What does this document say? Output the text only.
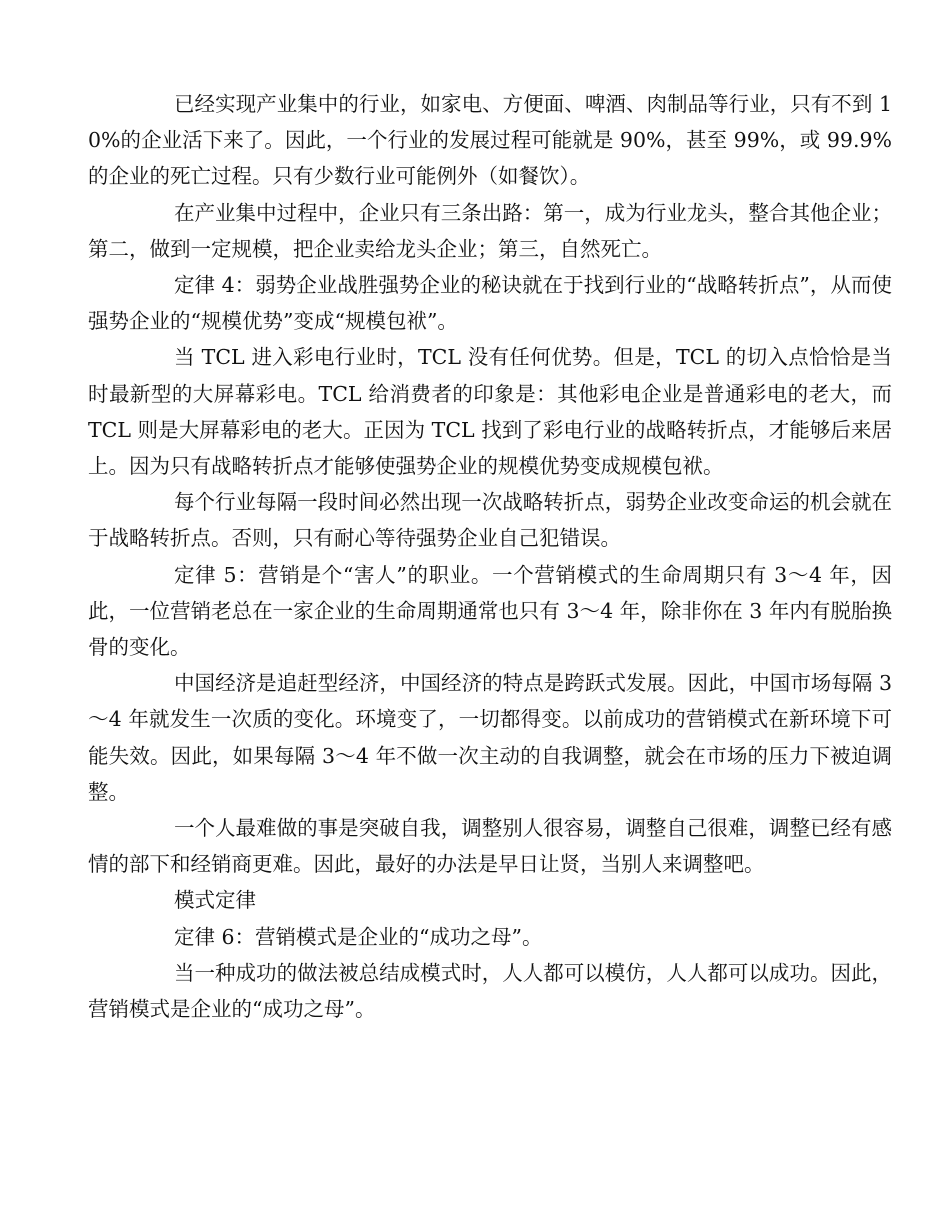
已经实现产业集中的行业，如家电、方便面、啤酒、肉制品等行业，只有不到 10%的企业活下来了。因此，一个行业的发展过程可能就是 90%，甚至 99%，或 99.9%的企业的死亡过程。只有少数行业可能例外（如餐饮）。

在产业集中过程中，企业只有三条出路：第一，成为行业龙头，整合其他企业；第二，做到一定规模，把企业卖给龙头企业；第三，自然死亡。

定律 4：弱势企业战胜强势企业的秘诀就在于找到行业的“战略转折点”，从而使强势企业的“规模优势”变成“规模包袱”。

当 TCL 进入彩电行业时，TCL 没有任何优势。但是，TCL 的切入点恰恰是当时最新型的大屏幕彩电。TCL 给消费者的印象是：其他彩电企业是普通彩电的老大，而 TCL 则是大屏幕彩电的老大。正因为 TCL 找到了彩电行业的战略转折点，才能够后来居上。因为只有战略转折点才能够使强势企业的规模优势变成规模包袱。

每个行业每隔一段时间必然出现一次战略转折点，弱势企业改变命运的机会就在于战略转折点。否则，只有耐心等待强势企业自己犯错误。

定律 5：营销是个“害人”的职业。一个营销模式的生命周期只有 3～4 年，因此，一位营销老总在一家企业的生命周期通常也只有 3～4 年，除非你在 3 年内有脱胎换骨的变化。

中国经济是追赶型经济，中国经济的特点是跨跃式发展。因此，中国市场每隔 3～4 年就发生一次质的变化。环境变了，一切都得变。以前成功的营销模式在新环境下可能失效。因此，如果每隔 3～4 年不做一次主动的自我调整，就会在市场的压力下被迫调整。

一个人最难做的事是突破自我，调整别人很容易，调整自己很难，调整已经有感情的部下和经销商更难。因此，最好的办法是早日让贤，当别人来调整吧。

模式定律

定律 6：营销模式是企业的“成功之母”。

当一种成功的做法被总结成模式时，人人都可以模仿，人人都可以成功。因此，营销模式是企业的“成功之母”。
